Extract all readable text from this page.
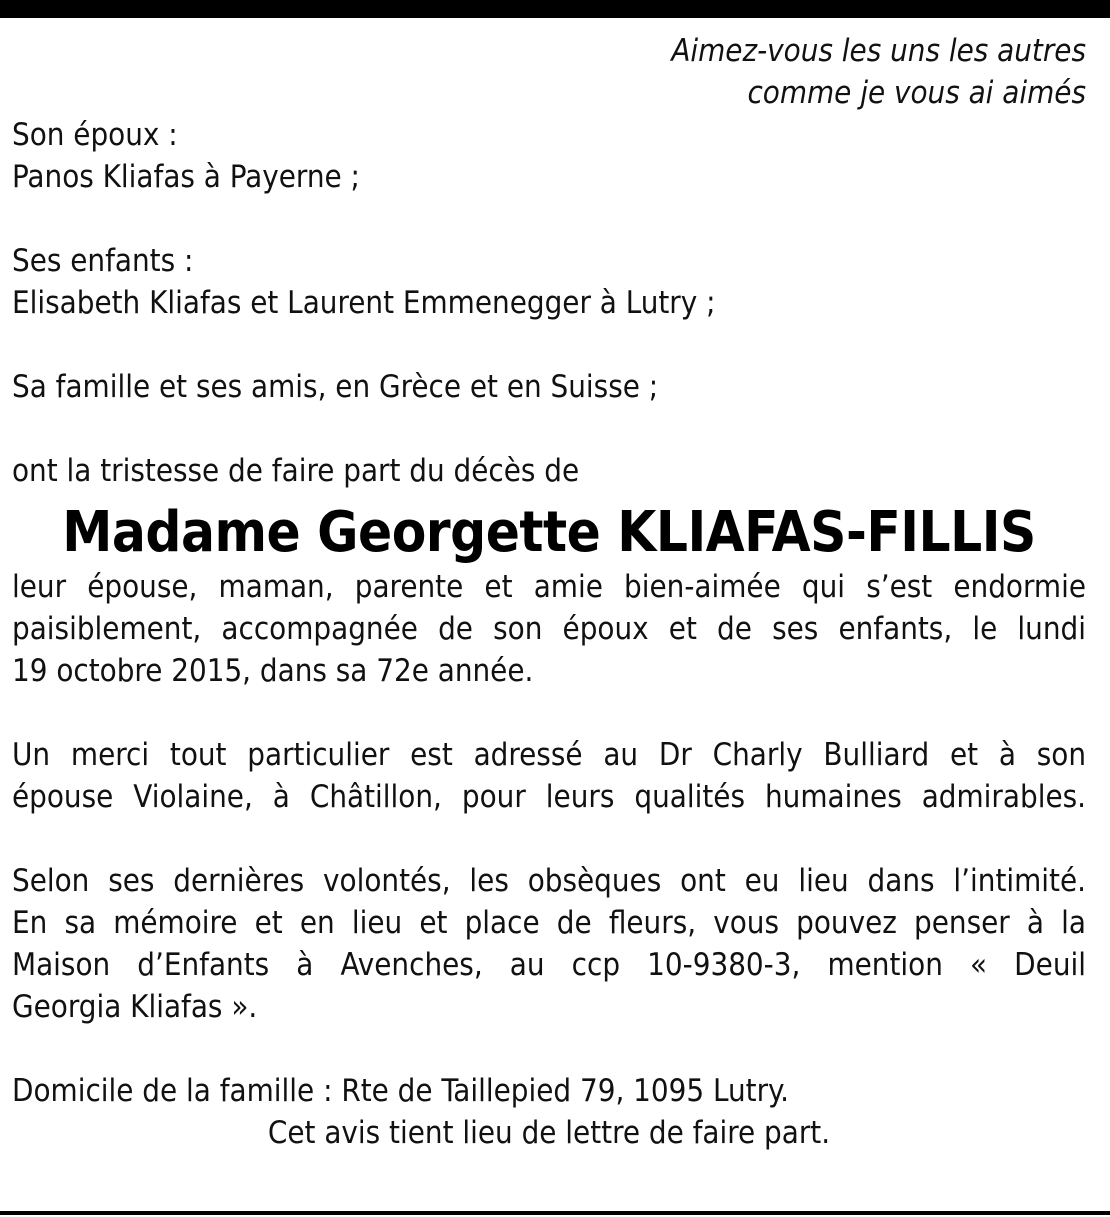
Aimez-vous les uns les autres
comme je vous ai aimés
Son époux :
Panos Kliafas à Payerne ;
Ses enfants :
Elisabeth Kliafas et Laurent Emmenegger à Lutry ;
Sa famille et ses amis, en Grèce et en Suisse ;
ont la tristesse de faire part du décès de
Madame Georgette KLIAFAS-FILLIS
leur épouse, maman, parente et amie bien-aimée qui s’est endormie
paisiblement, accompagnée de son époux et de ses enfants, le lundi
19 octobre 2015, dans sa 72e année.
Un merci tout particulier est adressé au Dr Charly Bulliard et à son
épouse Violaine, à Châtillon, pour leurs qualités humaines admirables.
Selon ses dernières volontés, les obsèques ont eu lieu dans l’intimité.
En sa mémoire et en lieu et place de fleurs, vous pouvez penser à la
Maison d’Enfants à Avenches, au ccp 10-9380-3, mention « Deuil
Georgia Kliafas ».
Domicile de la famille : Rte de Taillepied 79, 1095 Lutry.
Cet avis tient lieu de lettre de faire part.
